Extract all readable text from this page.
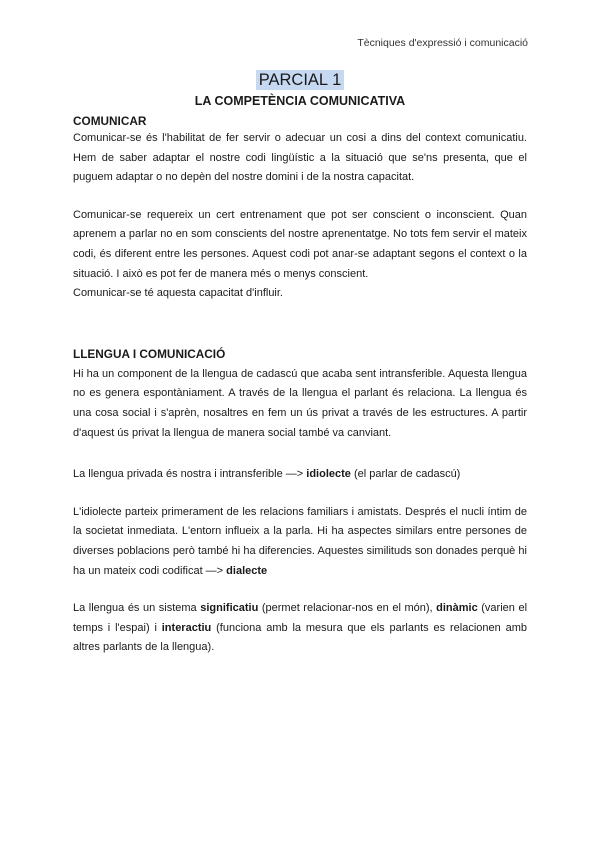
Tècniques d'expressió i comunicació
PARCIAL 1
LA COMPETÈNCIA COMUNICATIVA
COMUNICAR

Comunicar-se és l'habilitat de fer servir o adecuar un cosi a dins del context comunicatiu. Hem de saber adaptar el nostre codi lingüístic a la situació que se'ns presenta, que el puguem adaptar o no depèn del nostre domini i de la nostra capacitat.

Comunicar-se requereix un cert entrenament que pot ser conscient o inconscient. Quan aprenem a parlar no en som conscients del nostre aprenentatge. No tots fem servir el mateix codi, és diferent entre les persones. Aquest codi pot anar-se adaptant segons el context o la situació. I això es pot fer de manera més o menys conscient.

Comunicar-se té aquesta capacitat d'influir.

LLENGUA I COMUNICACIÓ

Hi ha un component de la llengua de cadascú que acaba sent intransferible. Aquesta llengua no es genera espontàniament. A través de la llengua el parlant és relaciona. La llengua és una cosa social i s'aprèn, nosaltres en fem un ús privat a través de les estructures. A partir d'aquest ús privat la llengua de manera social també va canviant.

La llengua privada és nostra i intransferible —> idiolecte (el parlar de cadascú)

L'idiolecte parteix primerament de les relacions familiars i amistats. Després el nucli íntim de la societat inmediata. L'entorn influeix a la parla. Hi ha aspectes similars entre persones de diverses poblacions però també hi ha diferencies. Aquestes similituds son donades perquè hi ha un mateix codi codificat —> dialecte

La llengua és un sistema significatiu (permet relacionar-nos en el món), dinàmic (varien el temps i l'espai) i interactiu (funciona amb la mesura que els parlants es relacionen amb altres parlants de la llengua).
